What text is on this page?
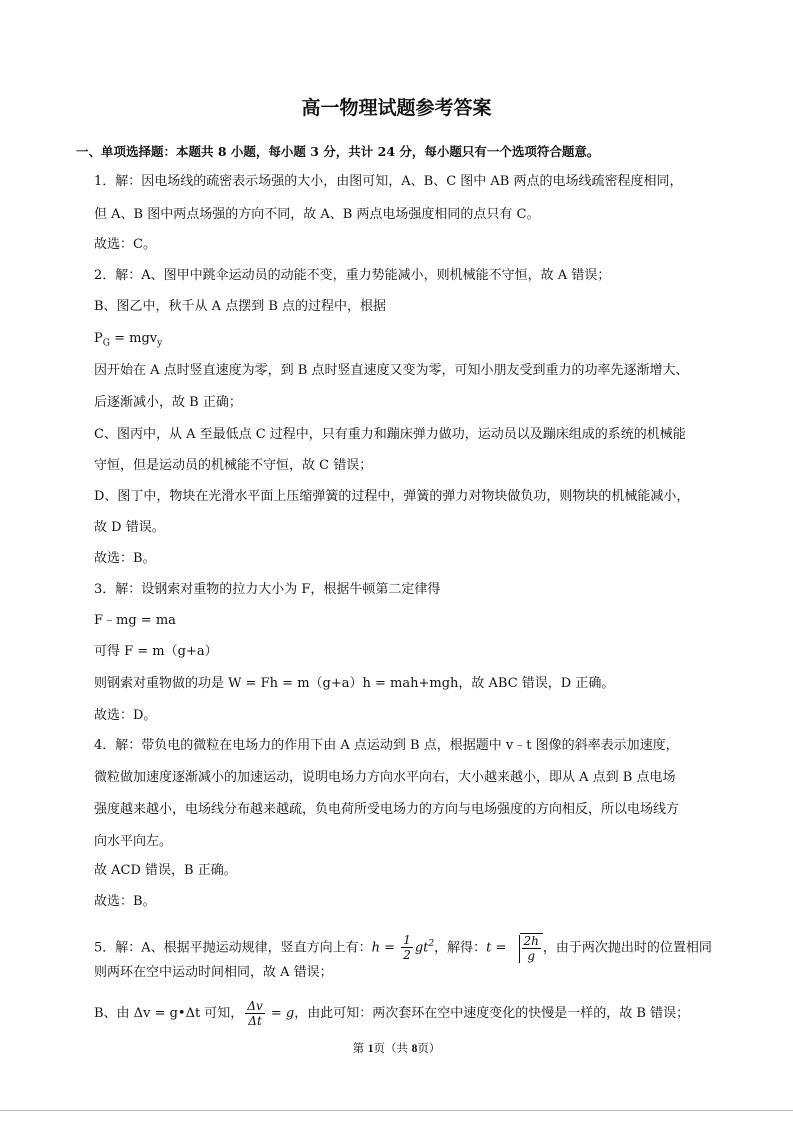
高一物理试题参考答案
一、单项选择题：本题共 8 小题，每小题 3 分，共计 24 分，每小题只有一个选项符合题意。
1．解：因电场线的疏密表示场强的大小，由图可知，A、B、C 图中 AB 两点的电场线疏密程度相同，
但 A、B 图中两点场强的方向不同，故 A、B 两点电场强度相同的点只有 C。
故选：C。
2．解：A、图甲中跳伞运动员的动能不变，重力势能减小，则机械能不守恒，故 A 错误；
B、图乙中，秋千从 A 点摆到 B 点的过程中，根据
$P_G = mgv_y$
因开始在 A 点时竖直速度为零，到 B 点时竖直速度又变为零，可知小朋友受到重力的功率先逐渐增大、
后逐渐减小，故 B 正确；
C、图丙中，从 A 至最低点 C 过程中，只有重力和蹦床弹力做功，运动员以及蹦床组成的系统的机械能
守恒，但是运动员的机械能不守恒，故 C 错误；
D、图丁中，物块在光滑水平面上压缩弹簧的过程中，弹簧的弹力对物块做负功，则物块的机械能减小，
故 D 错误。
故选：B。
3．解：设钢索对重物的拉力大小为 F，根据牛顿第二定律得
F﹣mg = ma
可得 F = m（g+a）
则钢索对重物做的功是 W = Fh = m（g+a）h = mah+mgh，故 ABC 错误，D 正确。
故选：D。
4．解：带负电的微粒在电场力的作用下由 A 点运动到 B 点，根据题中 v﹣t 图像的斜率表示加速度，
微粒做加速度逐渐减小的加速运动，说明电场力方向水平向右，大小越来越小，即从 A 点到 B 点电场
强度越来越小，电场线分布越来越疏，负电荷所受电场力的方向与电场强度的方向相反，所以电场线方
向水平向左。
故 ACD 错误，B 正确。
故选：B。
5．解：A、根据平抛运动规律，竖直方向上有：$h = \frac{1}{2} gt^2$，解得：$t = \frac{2h}{g}$ ，由于两次抛出时的位置相同
则两环在空中运动时间相同，故 A 错误；
B、由 Δv = g•Δt 可知， $\frac{\Delta v}{\Delta t} = g$，由此可知：两次套环在空中速度变化的快慢是一样的，故 B 错误；
第 1页（共 8页）
